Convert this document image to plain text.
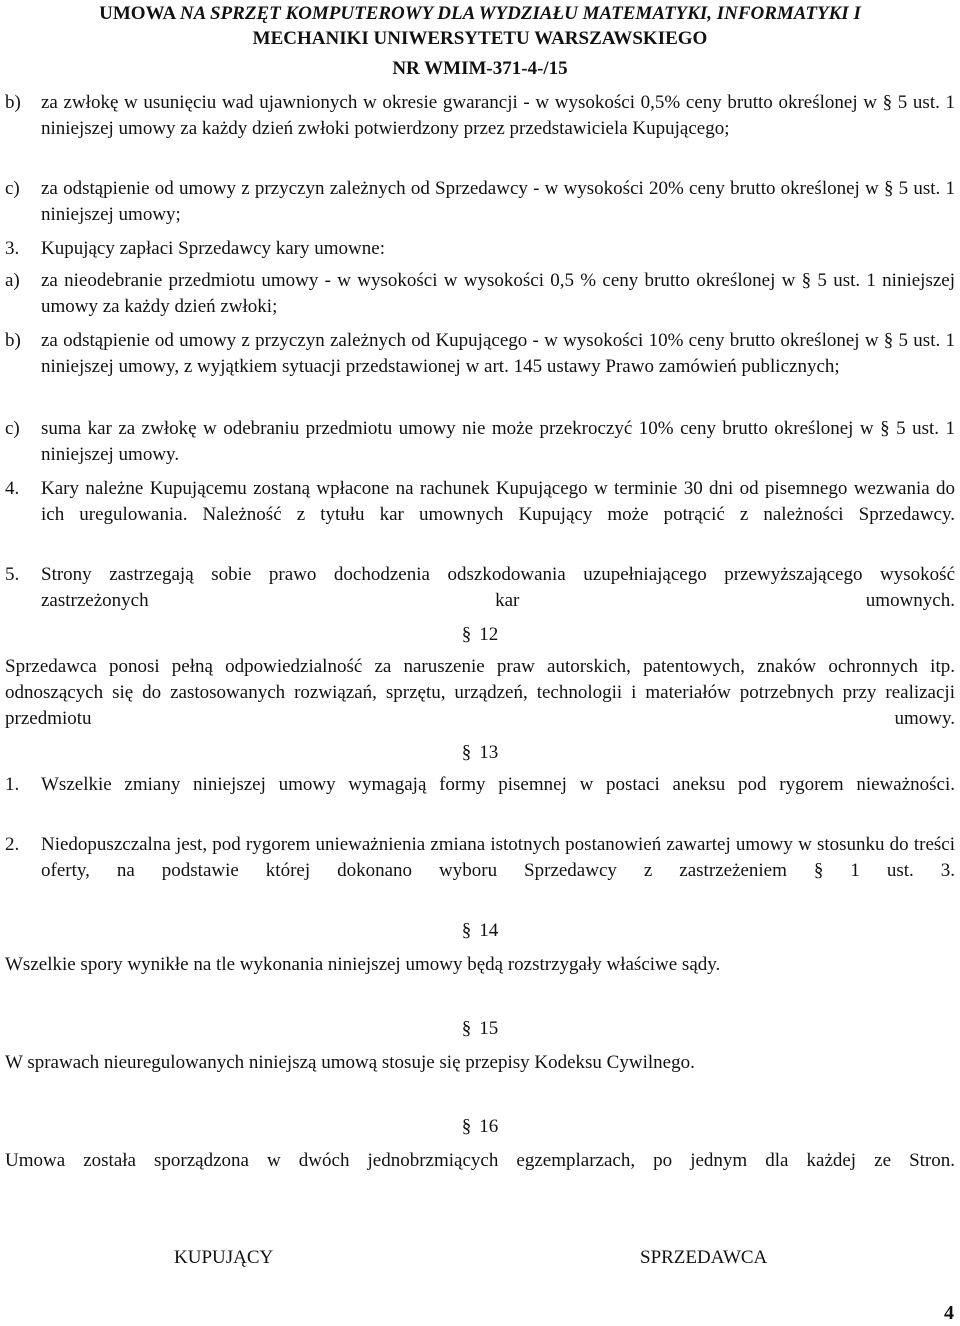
UMOWA NA SPRZĘT KOMPUTEROWY DLA WYDZIAŁU MATEMATYKI, INFORMATYKI I
MECHANIKI UNIWERSYTETU WARSZAWSKIEGO
NR WMIM-371-4-/15
b) za zwłokę w usunięciu wad ujawnionych w okresie gwarancji - w wysokości 0,5% ceny brutto określonej w § 5 ust. 1 niniejszej umowy za każdy dzień zwłoki potwierdzony przez przedstawiciela Kupującego;
c) za odstąpienie od umowy z przyczyn zależnych od Sprzedawcy - w wysokości 20% ceny brutto określonej w § 5 ust. 1 niniejszej umowy;
3. Kupujący zapłaci Sprzedawcy kary umowne:
a) za nieodebranie przedmiotu umowy - w wysokości w wysokości 0,5 % ceny brutto określonej w § 5 ust. 1 niniejszej umowy za każdy dzień zwłoki;
b) za odstąpienie od umowy z przyczyn zależnych od Kupującego - w wysokości 10% ceny brutto określonej w § 5 ust. 1 niniejszej umowy, z wyjątkiem sytuacji przedstawionej w art. 145 ustawy Prawo zamówień publicznych;
c) suma kar za zwłokę w odebraniu przedmiotu umowy nie może przekroczyć 10% ceny brutto określonej w § 5 ust. 1 niniejszej umowy.
4. Kary należne Kupującemu zostaną wpłacone na rachunek Kupującego w terminie 30 dni od pisemnego wezwania do ich uregulowania. Należność z tytułu kar umownych Kupujący może potrącić z należności Sprzedawcy.
5. Strony zastrzegają sobie prawo dochodzenia odszkodowania uzupełniającego przewyższającego wysokość zastrzeżonych kar umownych.
§ 12
Sprzedawca ponosi pełną odpowiedzialność za naruszenie praw autorskich, patentowych, znaków ochronnych itp. odnoszących się do zastosowanych rozwiązań, sprzętu, urządzeń, technologii i materiałów potrzebnych przy realizacji przedmiotu umowy.
§ 13
1. Wszelkie zmiany niniejszej umowy wymagają formy pisemnej w postaci aneksu pod rygorem nieważności.
2. Niedopuszczalna jest, pod rygorem unieważnienia zmiana istotnych postanowień zawartej umowy w stosunku do treści oferty, na podstawie której dokonano wyboru Sprzedawcy z zastrzeżeniem § 1 ust. 3.
§ 14
Wszelkie spory wynikłe na tle wykonania niniejszej umowy będą rozstrzygały właściwe sądy.
§ 15
W sprawach nieuregulowanych niniejszą umową stosuje się przepisy Kodeksu Cywilnego.
§ 16
Umowa została sporządzona w dwóch jednobrzmiących egzemplarzach, po jednym dla każdej ze Stron.
KUPUJĄCY	SPRZEDAWCA
4
